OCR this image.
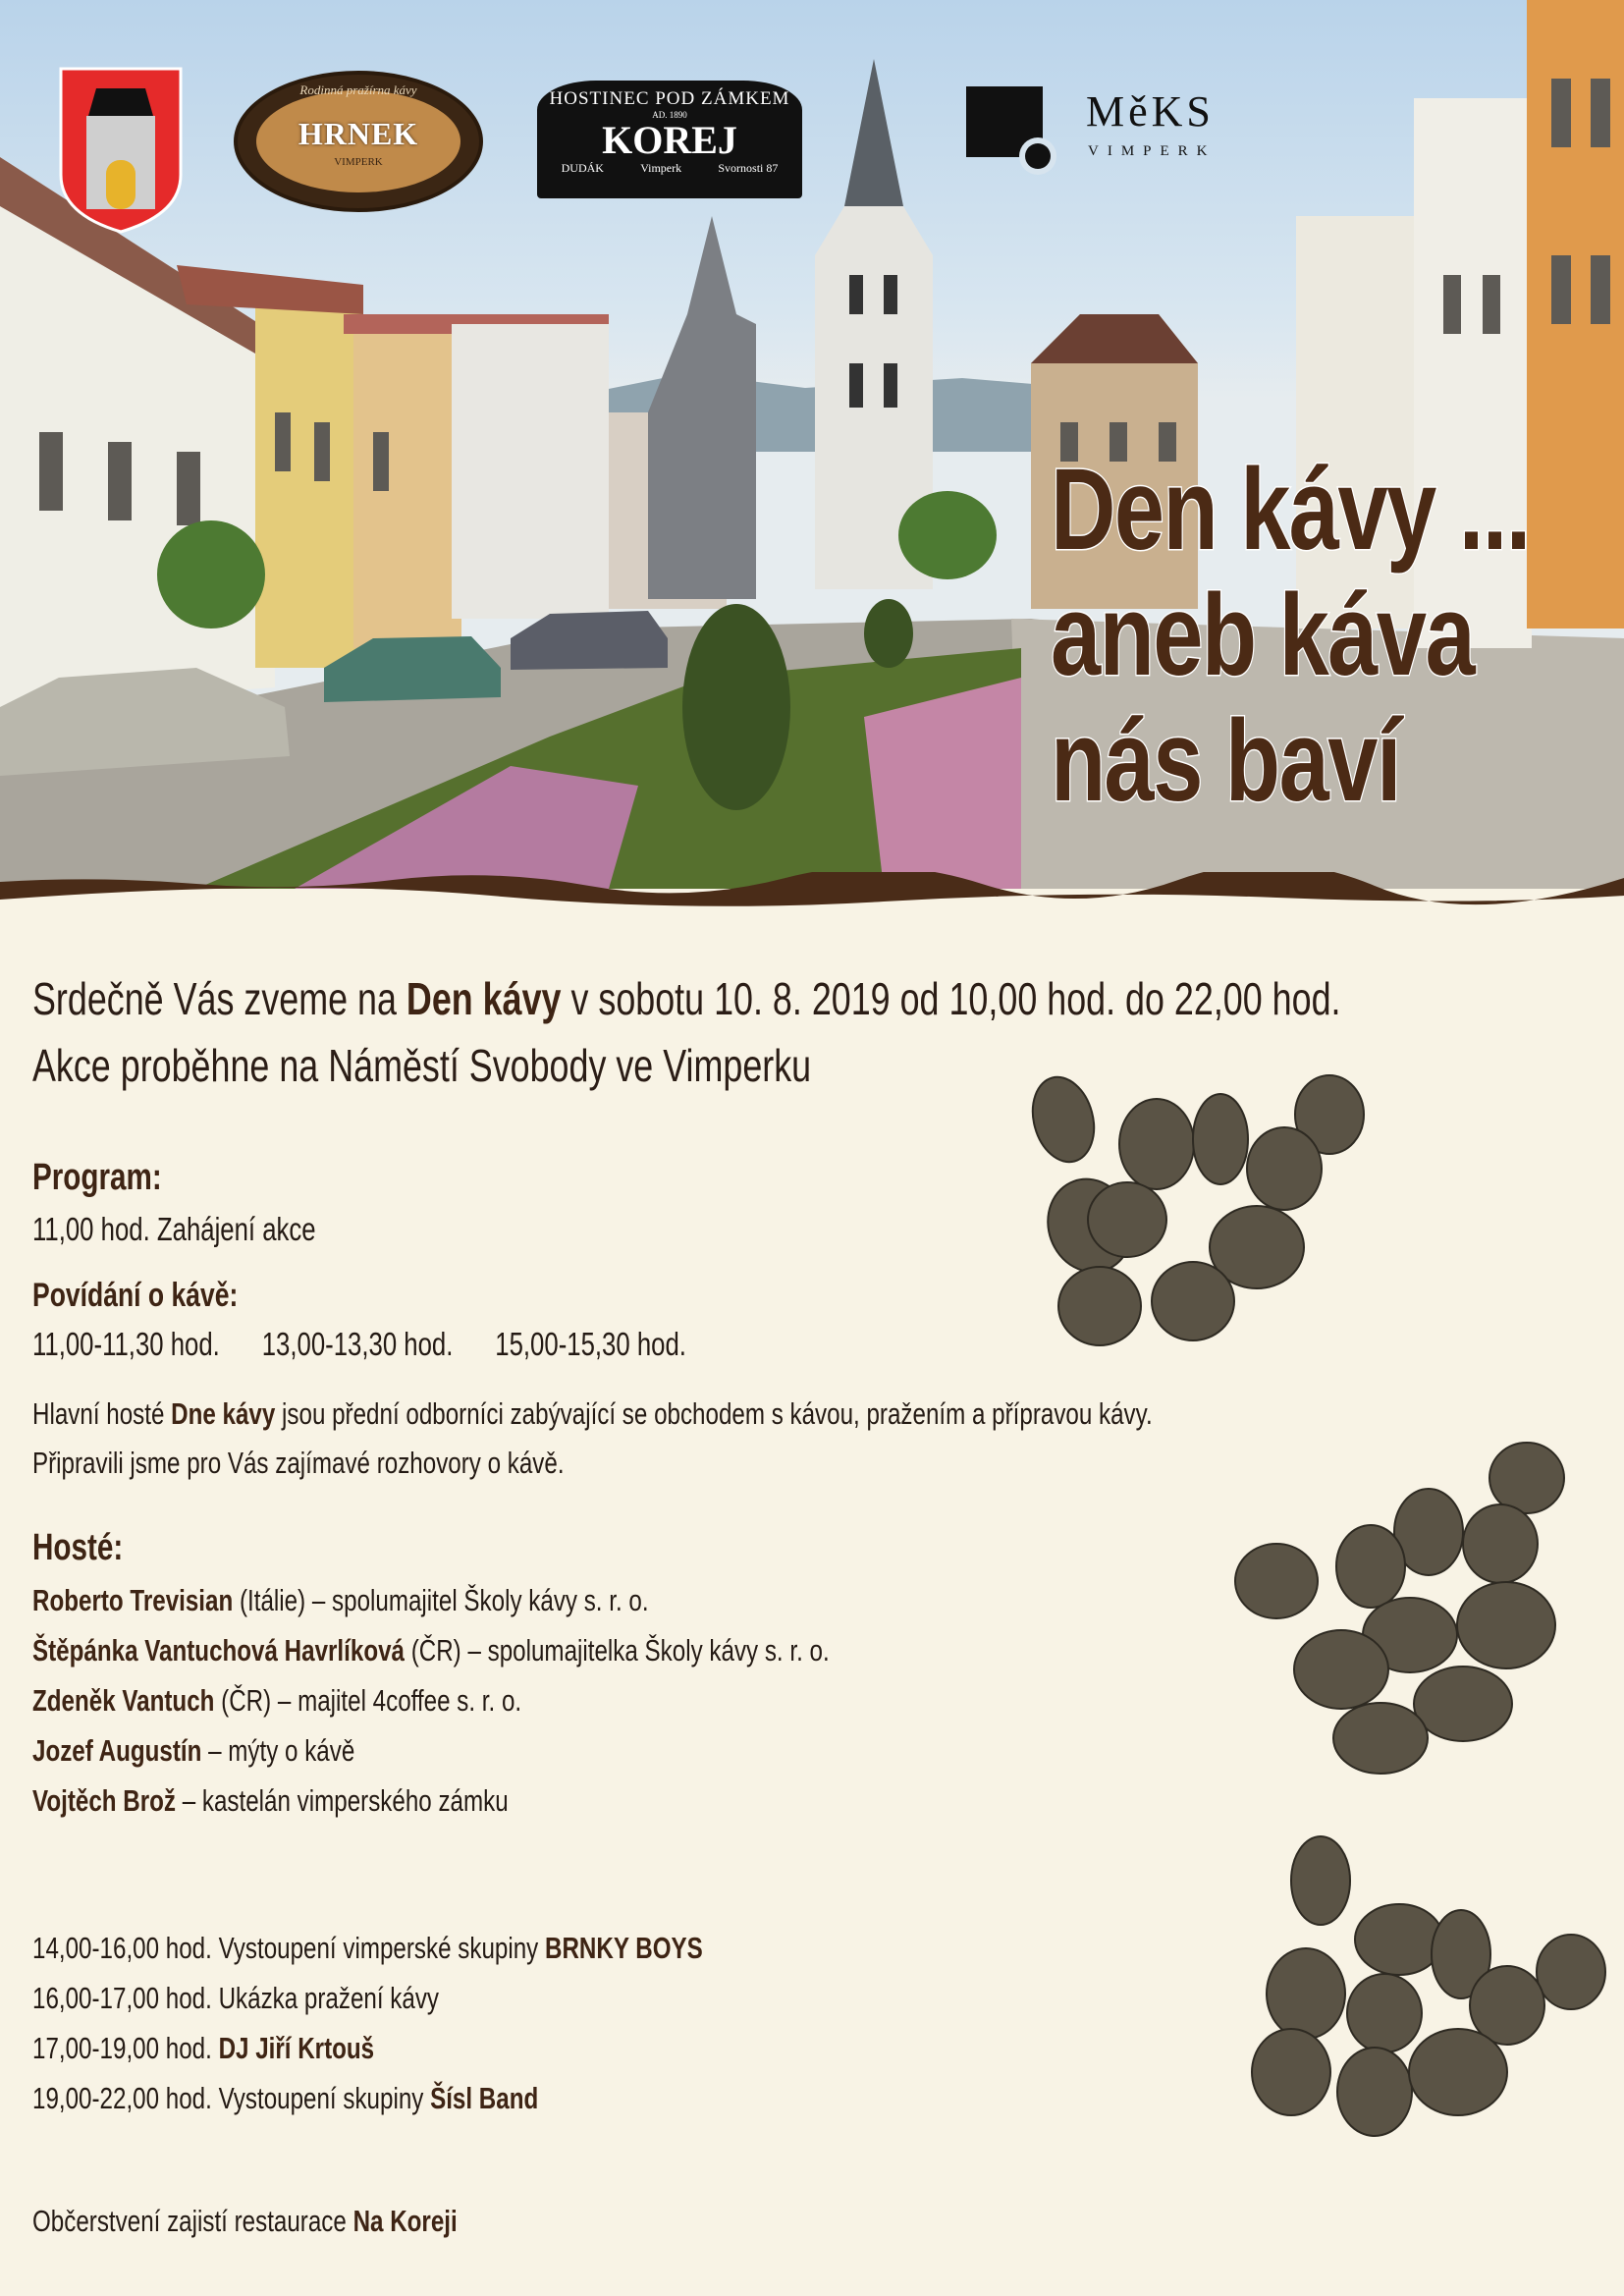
Rodinná pražírna kávy
HRNEK
VIMPERK
HOSTINEC POD ZÁMKEM
AD. 1890
KOREJ
DUDÁK	Vimperk	Svornosti 87
MěKS
VIMPERK
Den kávy ...
aneb káva
nás baví
Srdečně Vás zveme na Den kávy v sobotu 10. 8. 2019 od 10,00 hod. do 22,00 hod.
Akce proběhne na Náměstí Svobody ve Vimperku
Program:
11,00 hod. Zahájení akce
Povídání o kávě:
11,00-11,30 hod. 13,00-13,30 hod. 15,00-15,30 hod.
Hlavní hosté Dne kávy jsou přední odborníci zabývající se obchodem s kávou, pražením a přípravou kávy.
Připravili jsme pro Vás zajímavé rozhovory o kávě.
Hosté:
Roberto Trevisian (Itálie) – spolumajitel Školy kávy s. r. o.
Štěpánka Vantuchová Havrlíková (ČR) – spolumajitelka Školy kávy s. r. o.
Zdeněk Vantuch (ČR) – majitel 4coffee s. r. o.
Jozef Augustín – mýty o kávě
Vojtěch Brož – kastelán vimperského zámku
14,00-16,00 hod. Vystoupení vimperské skupiny BRNKY BOYS
16,00-17,00 hod. Ukázka pražení kávy
17,00-19,00 hod. DJ Jiří Krtouš
19,00-22,00 hod. Vystoupení skupiny Šísl Band
Občerstvení zajistí restaurace Na Koreji
